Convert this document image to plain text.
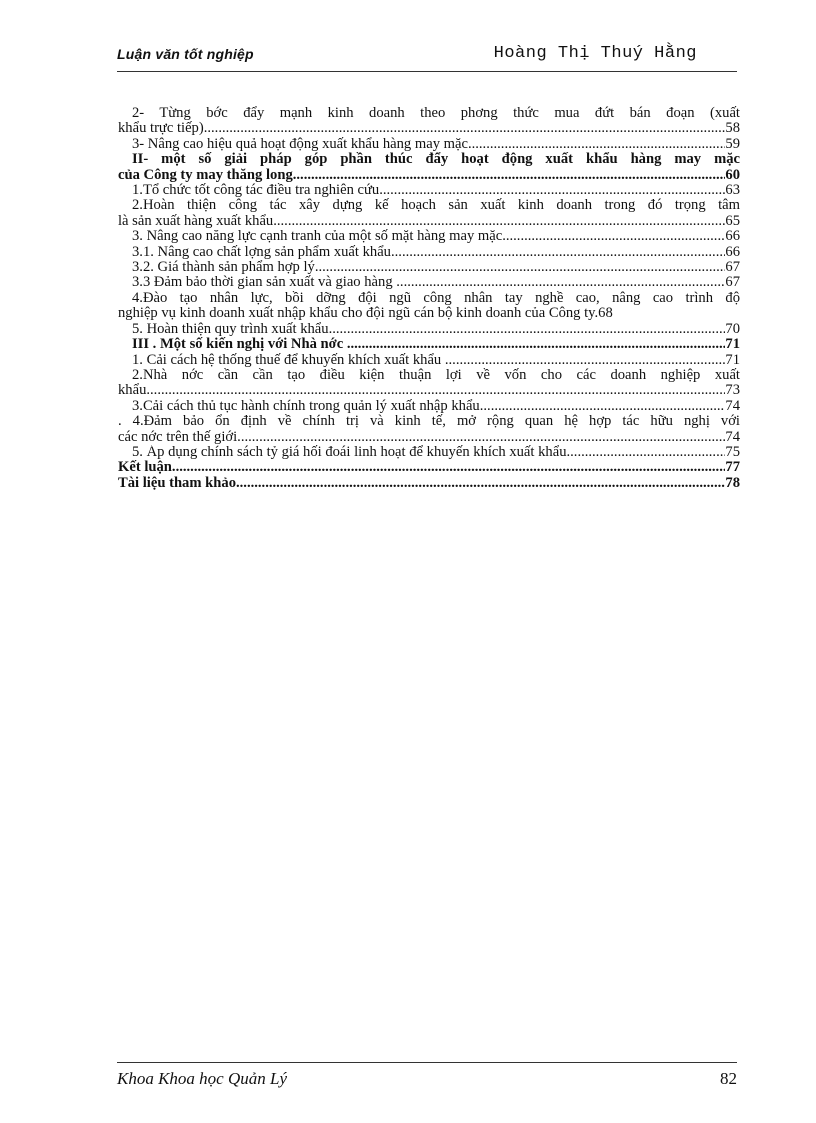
Luận văn tốt nghiệp	Hoàng Thị Thuý Hằng
2- Từng bớc đẩy mạnh kinh doanh theo phơng thức mua đứt bán đoạn (xuất
khẩu trực tiếp) .....	58
3- Nâng cao hiệu quả hoạt động xuất khẩu hàng may mặc. .....	59
II- một số giải pháp góp phần thúc đẩy hoạt động xuất khẩu hàng may mặc
của Công ty may thăng long. .....	60
1.Tổ chức tốt công tác điều tra nghiên cứu. .....	63
2.Hoàn thiện công tác xây dựng kế hoạch sản xuất kinh doanh trong đó trọng tâm
là sản xuất hàng xuất khẩu. .....	65
3. Nâng cao năng lực cạnh tranh của một số mặt hàng may mặc. .....	66
3.1. Nâng cao chất lợng sản phẩm xuất khẩu. .....	66
3.2. Giá thành sản phẩm hợp lý. .....	67
3.3 Đảm bảo thời gian sản xuất và giao hàng . .....	67
4.Đào tạo nhân lực, bồi dỡng đội ngũ công nhân tay nghề cao, nâng cao trình độ
nghiệp vụ kinh doanh xuất nhập khẩu cho đội ngũ cán bộ kinh doanh của Công ty. 68
5. Hoàn thiện quy trình xuất khẩu. .....	70
III . Một số kiến nghị với Nhà nớc . .....	71
1. Cải cách hệ thống thuế để khuyến khích xuất khẩu . .....	71
2.Nhà nớc cần cần tạo điều kiện thuận lợi về vốn cho các doanh nghiệp xuất
khẩu. .....	73
3.Cải cách thủ tục hành chính trong quản lý xuất nhập khẩu. .....	74
. 4.Đảm bảo ổn định về chính trị và kinh tế, mở rộng quan hệ hợp tác hữu nghị với
các nớc trên thế giới .....	74
5. Áp dụng chính sách tỷ giá hối đoái linh hoạt để khuyến khích xuất khẩu. .....	75
Kết luận. .....	77
Tài liệu tham khảo .....	78
Khoa Khoa học Quản Lý	82
